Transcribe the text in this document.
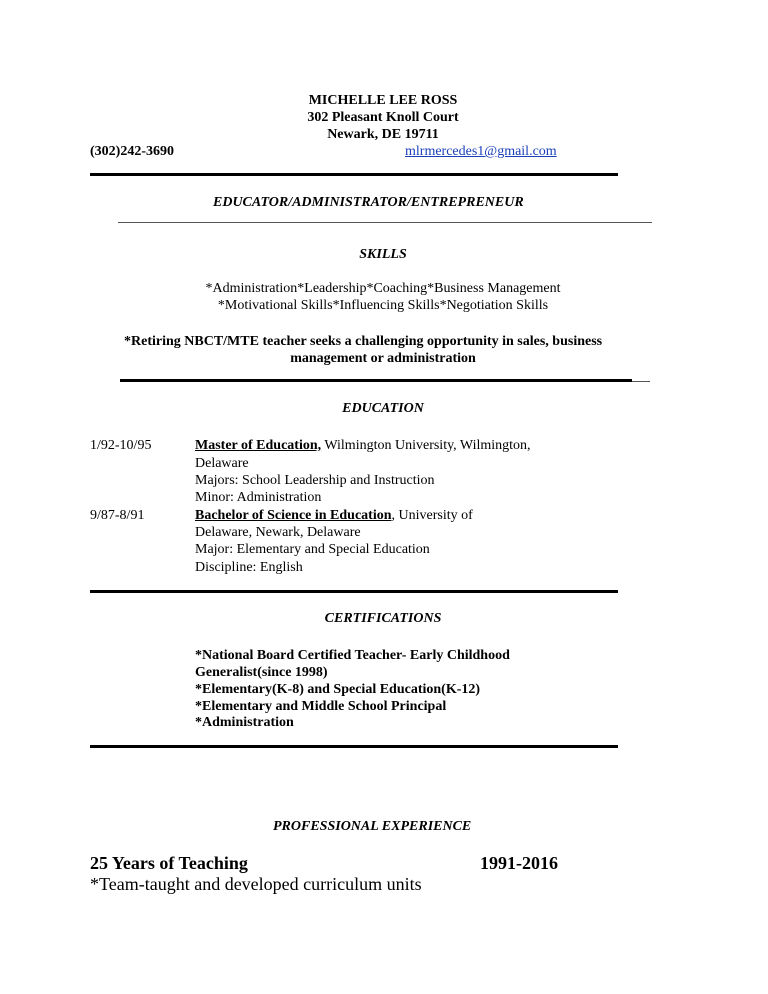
MICHELLE LEE ROSS
302 Pleasant Knoll Court
Newark, DE 19711
(302)242-3690	mlrmercedes1@gmail.com
EDUCATOR/ADMINISTRATOR/ENTREPRENEUR
SKILLS
*Administration*Leadership*Coaching*Business Management
*Motivational Skills*Influencing Skills*Negotiation Skills
*Retiring NBCT/MTE teacher seeks a challenging opportunity in sales, business
management or administration
EDUCATION
1/92-10/95	Master of Education, Wilmington University, Wilmington,
Delaware
Majors: School Leadership and Instruction
Minor: Administration
9/87-8/91	Bachelor of Science in Education, University of
Delaware, Newark, Delaware
Major: Elementary and Special Education
Discipline: English
CERTIFICATIONS
*National Board Certified Teacher- Early Childhood
Generalist(since 1998)
*Elementary(K-8) and Special Education(K-12)
*Elementary and Middle School Principal
*Administration
PROFESSIONAL EXPERIENCE
25 Years of Teaching	1991-2016
*Team-taught and developed curriculum units
